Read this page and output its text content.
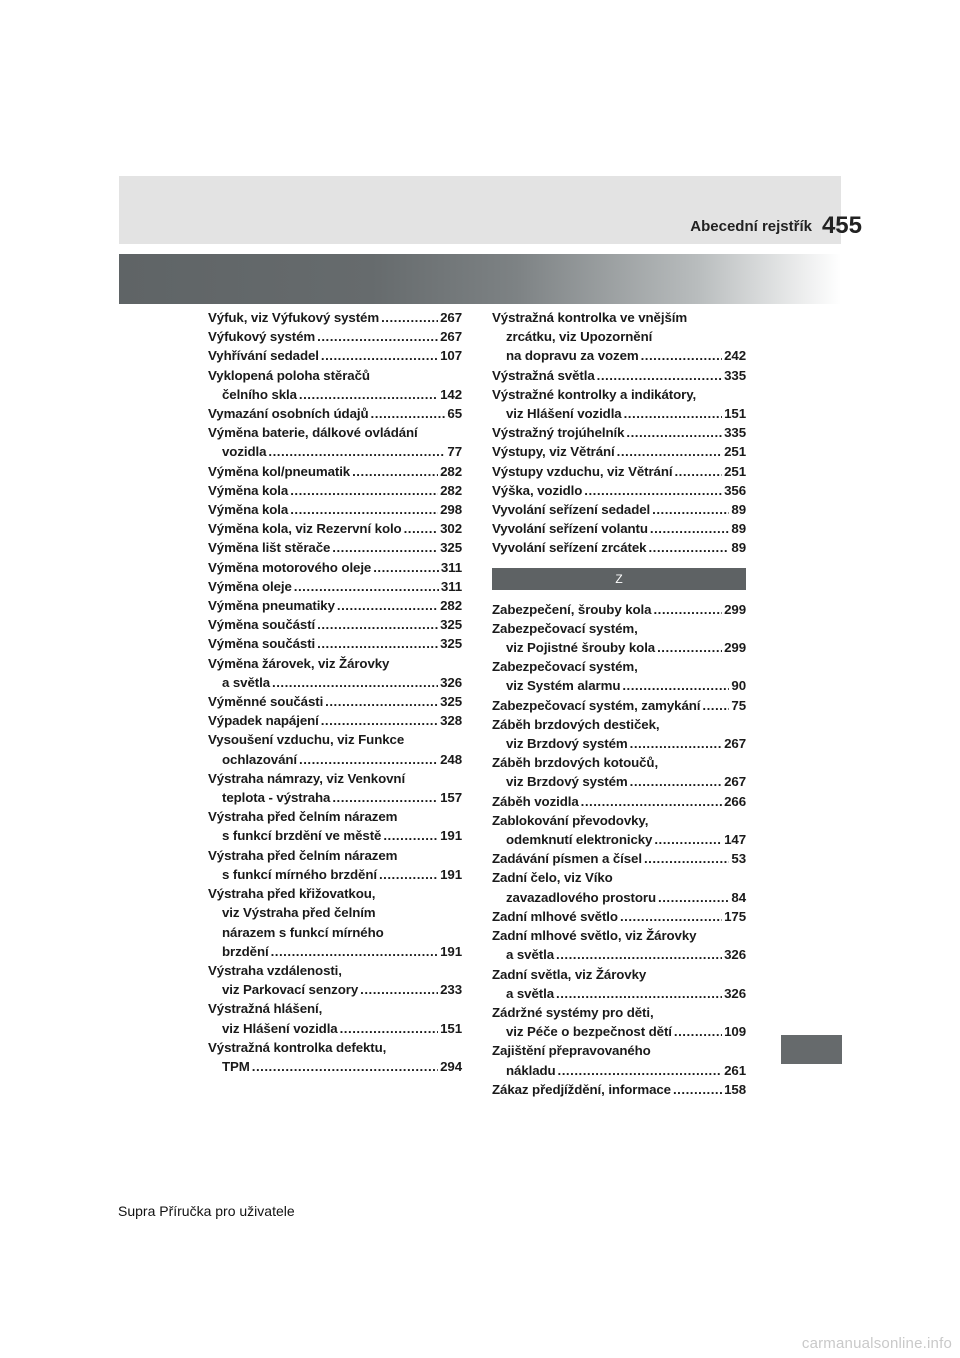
Abecední rejstřík 455
Výfuk, viz Výfukový systém .....	267
Výfukový systém .....	267
Vyhřívání sedadel .....	107
Vyklopená poloha stěračů
čelního skla .....	142
Vymazání osobních údajů .....	65
Výměna baterie, dálkové ovládání
vozidla .....	77
Výměna kol/pneumatik .....	282
Výměna kola .....	282
Výměna kola .....	298
Výměna kola, viz Rezervní kolo .....	302
Výměna lišt stěrače .....	325
Výměna motorového oleje .....	311
Výměna oleje .....	311
Výměna pneumatiky .....	282
Výměna součástí .....	325
Výměna součásti .....	325
Výměna žárovek, viz Žárovky
a světla .....	326
Výměnné součásti .....	325
Výpadek napájení .....	328
Vysoušení vzduchu, viz Funkce
ochlazování .....	248
Výstraha námrazy, viz Venkovní
teplota - výstraha .....	157
Výstraha před čelním nárazem
s funkcí brzdění ve městě .....	191
Výstraha před čelním nárazem
s funkcí mírného brzdění .....	191
Výstraha před křižovatkou,
viz Výstraha před čelním
nárazem s funkcí mírného
brzdění .....	191
Výstraha vzdálenosti,
viz Parkovací senzory .....	233
Výstražná hlášení,
viz Hlášení vozidla .....	151
Výstražná kontrolka defektu,
TPM .....	294
Výstražná kontrolka ve vnějším
zrcátku, viz Upozornění
na dopravu za vozem .....	242
Výstražná světla .....	335
Výstražné kontrolky a indikátory,
viz Hlášení vozidla .....	151
Výstražný trojúhelník .....	335
Výstupy, viz Větrání .....	251
Výstupy vzduchu, viz Větrání .....	251
Výška, vozidlo .....	356
Vyvolání seřízení sedadel .....	89
Vyvolání seřízení volantu .....	89
Vyvolání seřízení zrcátek .....	89
Z
Zabezpečení, šrouby kola .....	299
Zabezpečovací systém,
viz Pojistné šrouby kola .....	299
Zabezpečovací systém,
viz Systém alarmu .....	90
Zabezpečovací systém, zamykání ..... 75
Záběh brzdových destiček,
viz Brzdový systém .....	267
Záběh brzdových kotoučů,
viz Brzdový systém .....	267
Záběh vozidla .....	266
Zablokování převodovky,
odemknutí elektronicky .....	147
Zadávání písmen a čísel .....	53
Zadní čelo, viz Víko
zavazadlového prostoru .....	84
Zadní mlhové světlo .....	175
Zadní mlhové světlo, viz Žárovky
a světla .....	326
Zadní světla, viz Žárovky
a světla .....	326
Zádržné systémy pro děti,
viz Péče o bezpečnost dětí .....	109
Zajištění přepravovaného
nákladu .....	261
Zákaz předjíždění, informace .....	158
Supra Příručka pro uživatele
carmanualsonline.info
